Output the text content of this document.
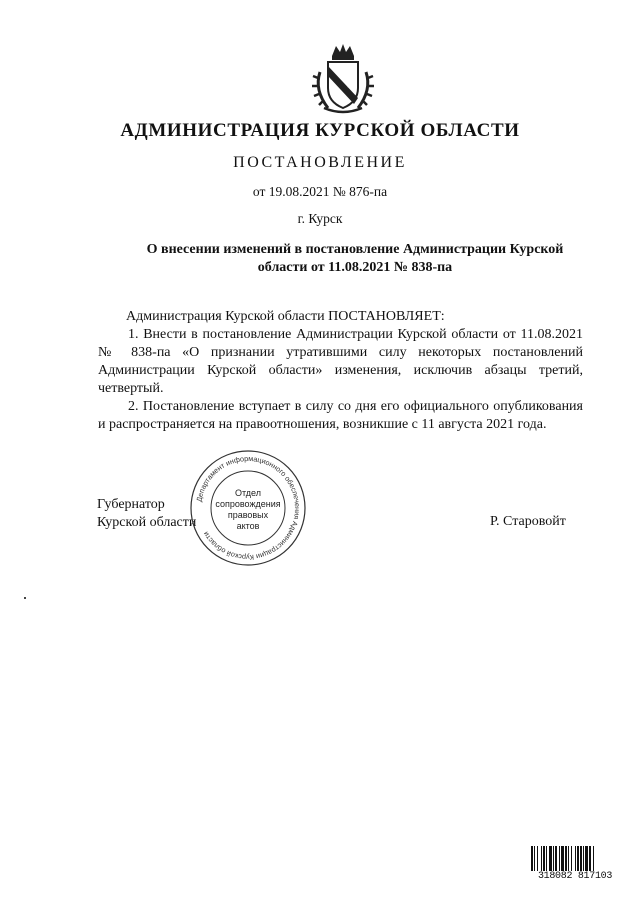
АДМИНИСТРАЦИЯ КУРСКОЙ ОБЛАСТИ
ПОСТАНОВЛЕНИЕ
от 19.08.2021 № 876-па
г. Курск
О внесении изменений в постановление Администрации Курской
области от 11.08.2021 № 838-па

Администрация Курской области ПОСТАНОВЛЯЕТ:

1. Внести в постановление Администрации Курской области от 11.08.2021 № 838-па «О признании утратившими силу некоторых постановлений Администрации Курской области» изменения, исключив абзацы третий, четвертый.

2. Постановление вступает в силу со дня его официального опубликования и распространяется на правоотношения, возникшие с 11 августа 2021 года.

Губернатор
Курской области	Р. Старовойт
Департамент информационного обеспечения Администрации Курской области
Отдел
сопровождения
правовых
актов
318082 817103
